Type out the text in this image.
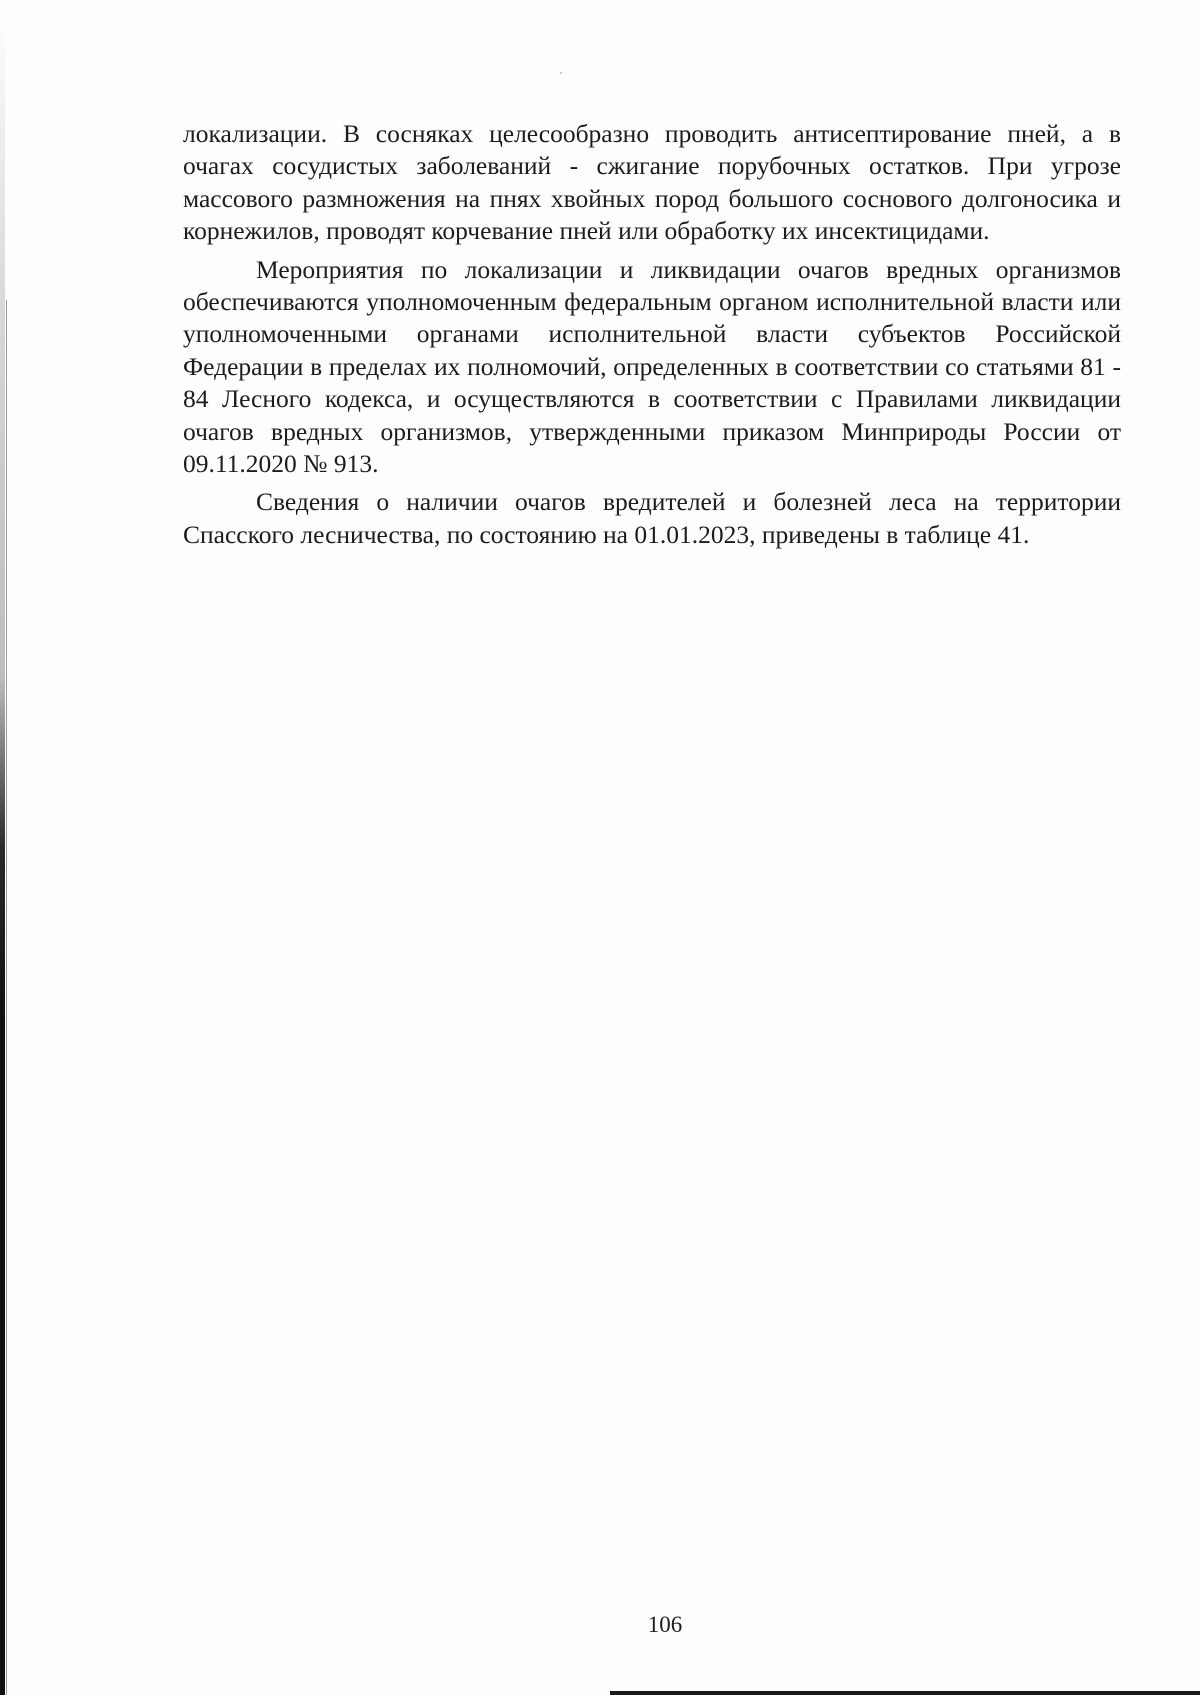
локализации. В сосняках целесообразно проводить антисептирование пней, а в очагах сосудистых заболеваний - сжигание порубочных остатков. При угрозе массового размножения на пнях хвойных пород большого соснового долгоносика и корнежилов, проводят корчевание пней или обработку их инсектицидами.

Мероприятия по локализации и ликвидации очагов вредных организмов обеспечиваются уполномоченным федеральным органом исполнительной власти или уполномоченными органами исполнительной власти субъектов Российской Федерации в пределах их полномочий, определенных в соответствии со статьями 81 - 84 Лесного кодекса, и осуществляются в соответствии с Правилами ликвидации очагов вредных организмов, утвержденными приказом Минприроды России от 09.11.2020 № 913.

Сведения о наличии очагов вредителей и болезней леса на территории Спасского лесничества, по состоянию на 01.01.2023, приведены в таблице 41.

106
